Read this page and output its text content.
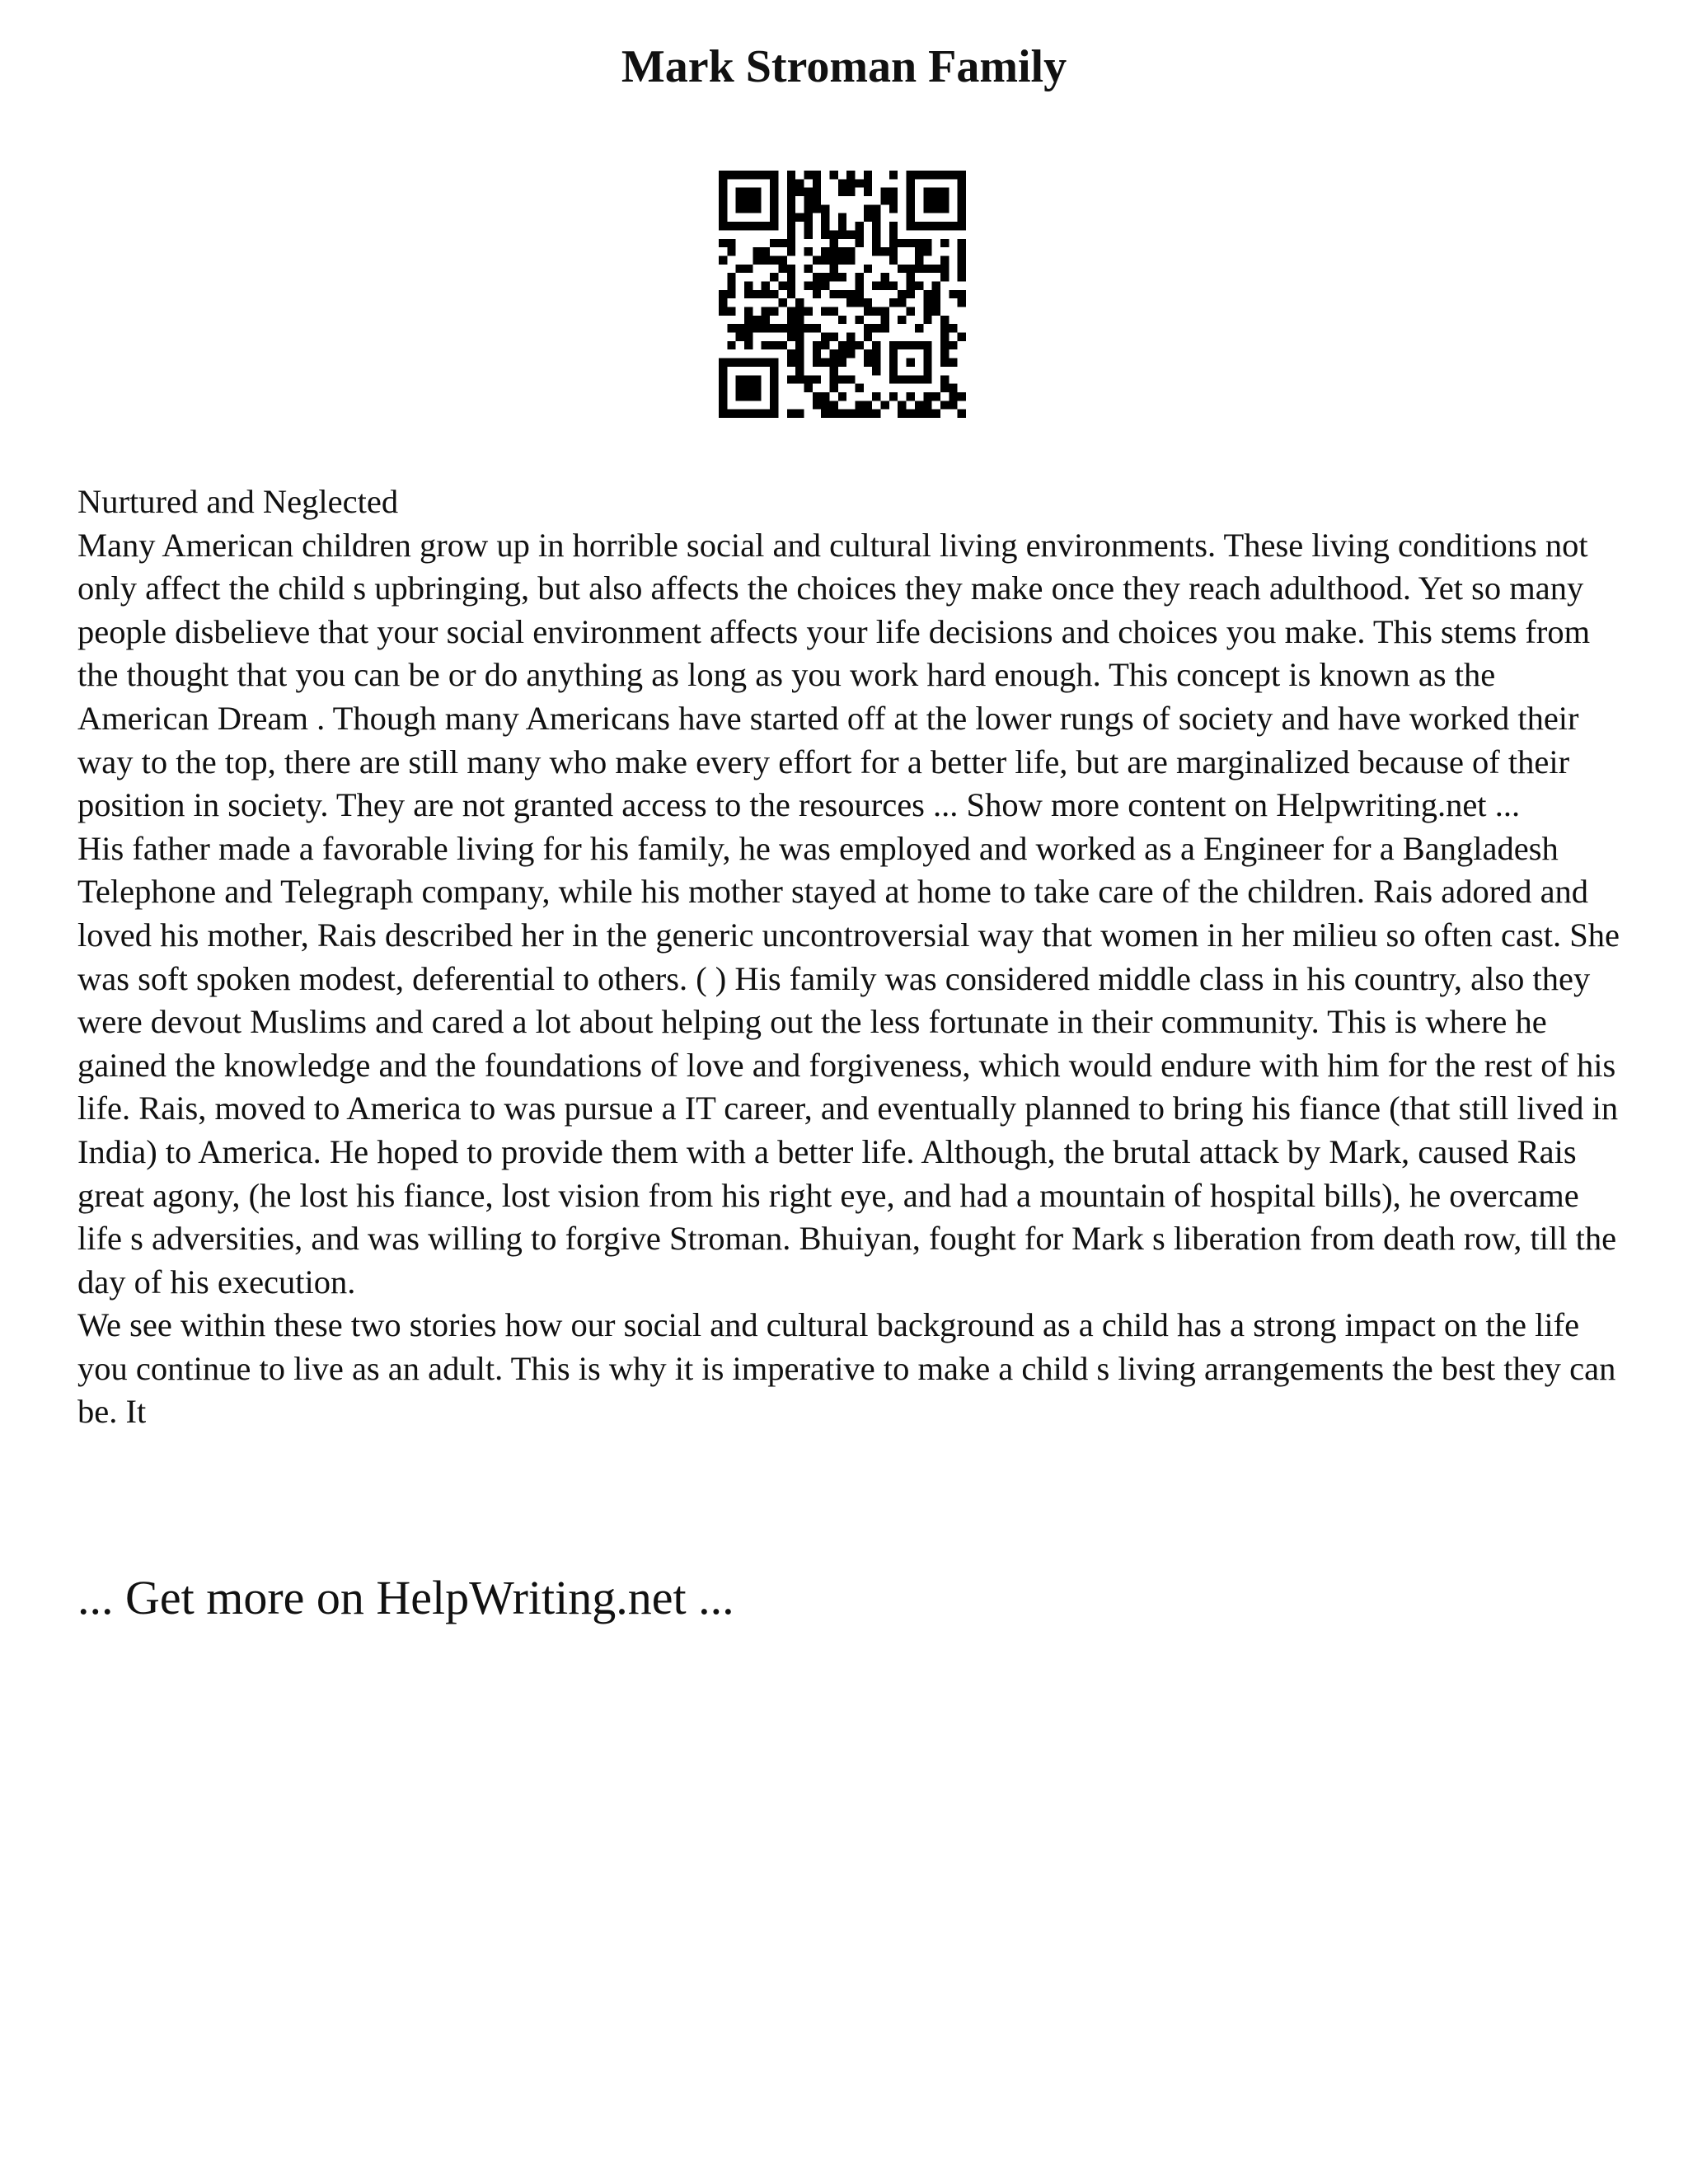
Mark Stroman Family

Nurtured and Neglected

Many American children grow up in horrible social and cultural living environments. These living conditions not only affect the child s upbringing, but also affects the choices they make once they reach adulthood. Yet so many people disbelieve that your social environment affects your life decisions and choices you make. This stems from the thought that you can be or do anything as long as you work hard enough. This concept is known as the American Dream . Though many Americans have started off at the lower rungs of society and have worked their way to the top, there are still many who make every effort for a better life, but are marginalized because of their position in society. They are not granted access to the resources ... Show more content on Helpwriting.net ...

His father made a favorable living for his family, he was employed and worked as a Engineer for a Bangladesh Telephone and Telegraph company, while his mother stayed at home to take care of the children. Rais adored and loved his mother, Rais described her in the generic uncontroversial way that women in her milieu so often cast. She was soft spoken modest, deferential to others. ( ) His family was considered middle class in his country, also they were devout Muslims and cared a lot about helping out the less fortunate in their community. This is where he gained the knowledge and the foundations of love and forgiveness, which would endure with him for the rest of his life. Rais, moved to America to was pursue a IT career, and eventually planned to bring his fiance (that still lived in India) to America. He hoped to provide them with a better life. Although, the brutal attack by Mark, caused Rais great agony, (he lost his fiance, lost vision from his right eye, and had a mountain of hospital bills), he overcame life s adversities, and was willing to forgive Stroman. Bhuiyan, fought for Mark s liberation from death row, till the day of his execution.

We see within these two stories how our social and cultural background as a child has a strong impact on the life you continue to live as an adult. This is why it is imperative to make a child s living arrangements the best they can be. It

... Get more on HelpWriting.net ...
